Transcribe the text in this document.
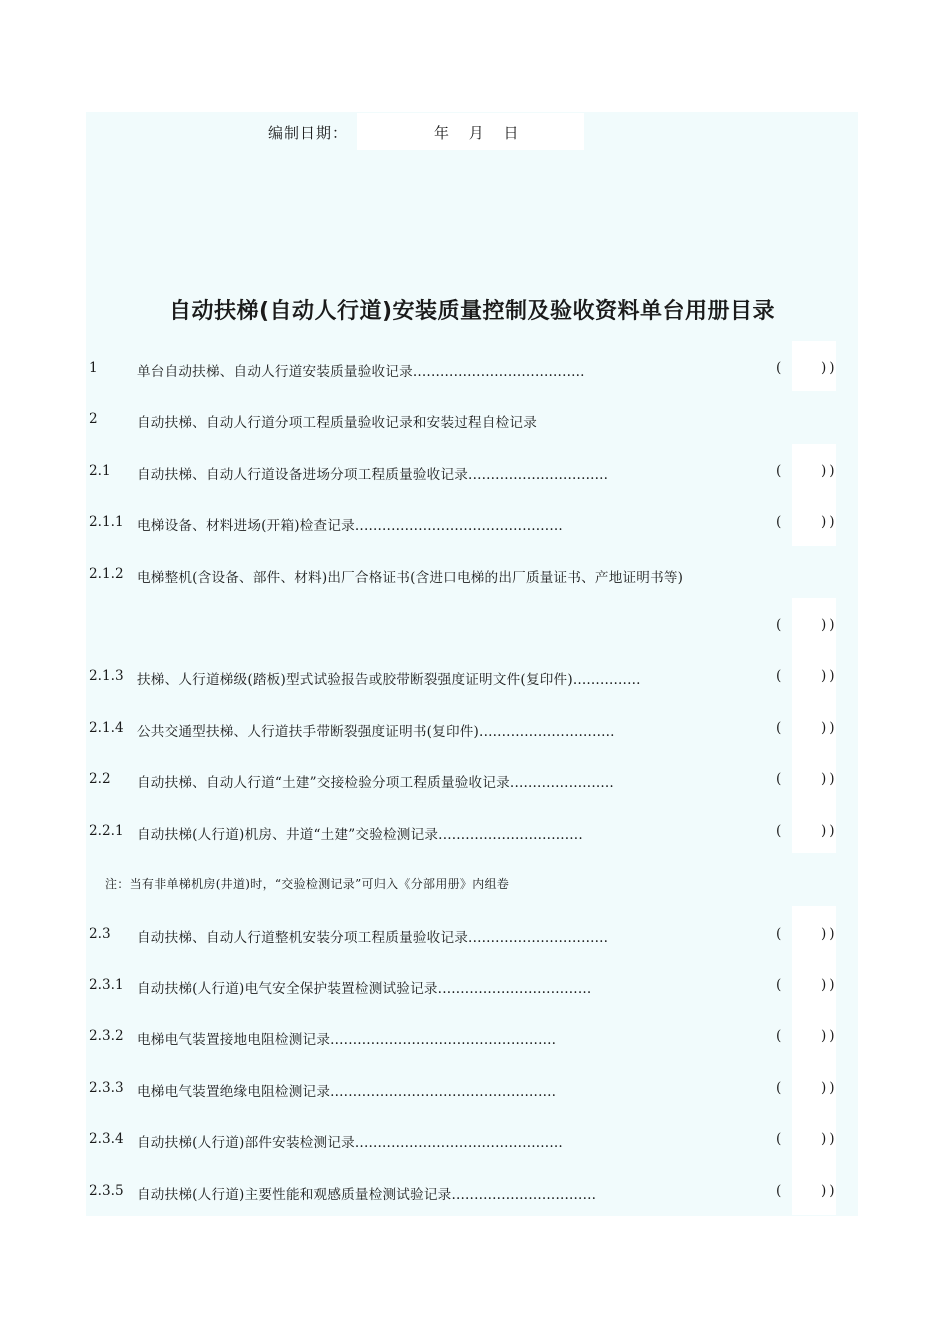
编制日期：	年 月 日
自动扶梯(自动人行道)安装质量控制及验收资料单台用册目录
1	单台自动扶梯、自动人行道安装质量验收记录......................................	(	))
2	自动扶梯、自动人行道分项工程质量验收记录和安装过程自检记录
2.1 自动扶梯、自动人行道设备进场分项工程质量验收记录...............................	(	))
2.1.1 电梯设备、材料进场(开箱)检查记录..............................................	(	))
2.1.2 电梯整机(含设备、部件、材料)出厂合格证书(含进口电梯的出厂质量证书、产地证明书等)
(	))
2.1.3 扶梯、人行道梯级(踏板)型式试验报告或胶带断裂强度证明文件(复印件)...............	(	))
2.1.4 公共交通型扶梯、人行道扶手带断裂强度证明书(复印件)..............................	(	))
2.2 自动扶梯、自动人行道“土建”交接检验分项工程质量验收记录.......................	(	))
2.2.1 自动扶梯(人行道)机房、井道“土建”交验检测记录................................	(	))
2.3 自动扶梯、自动人行道整机安装分项工程质量验收记录...............................	(	))
2.3.1 自动扶梯(人行道)电气安全保护装置检测试验记录..................................	(	))
2.3.2 电梯电气装置接地电阻检测记录..................................................	(	))
2.3.3 电梯电气装置绝缘电阻检测记录..................................................	(	))
2.3.4 自动扶梯(人行道)部件安装检测记录..............................................	(	))
2.3.5 自动扶梯(人行道)主要性能和观感质量检测试验记录................................	(	))
注：当有非单梯机房(井道)时，“交验检测记录”可归入《分部用册》内组卷
